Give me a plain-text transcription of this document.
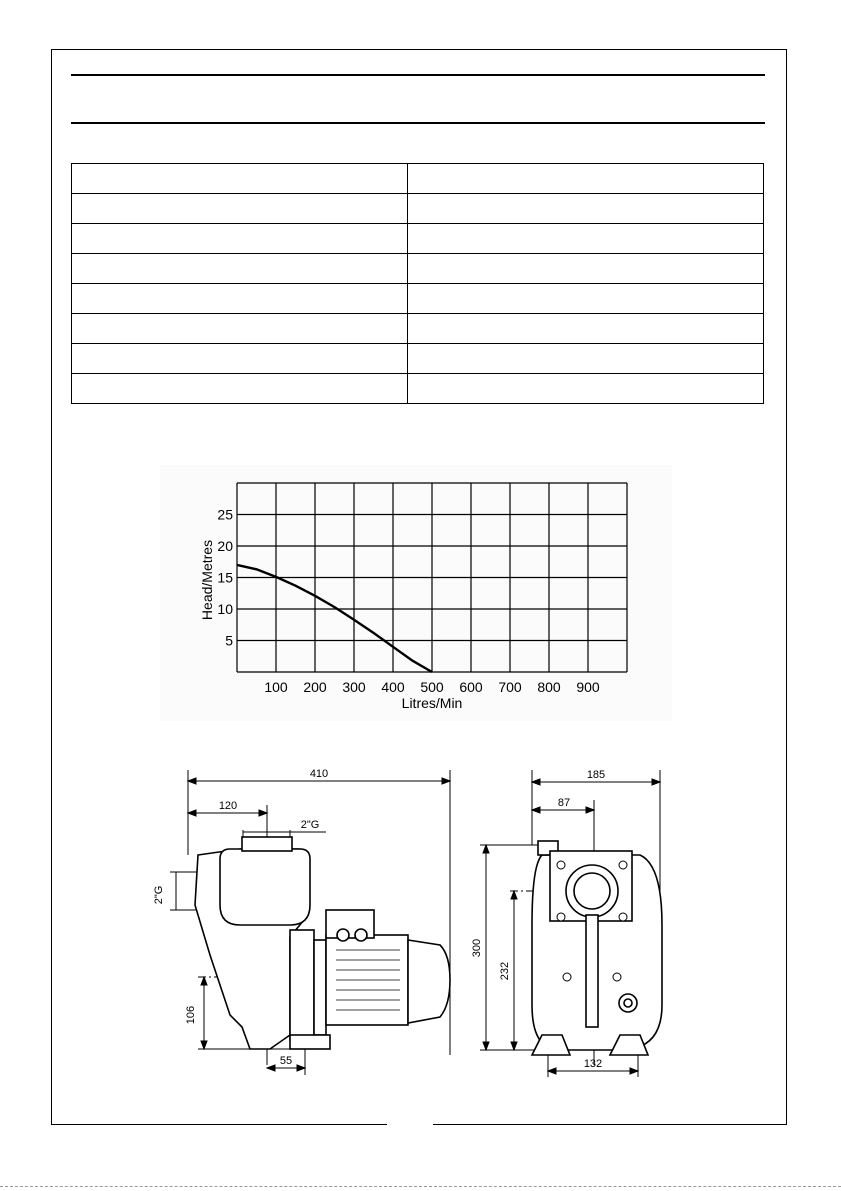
100 200 300 400 500 600 700 800 900
5
10
15
20
25
Litres/Min
Head/Metres
410
120
2"G
2"G
106
55
185
87
300
232
132
